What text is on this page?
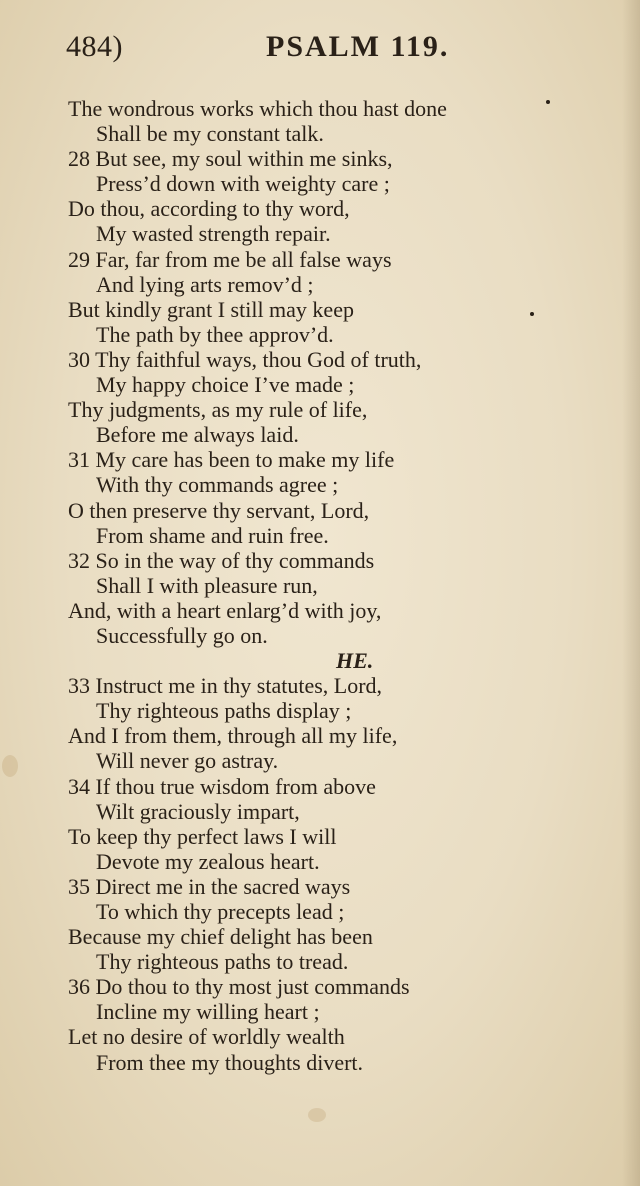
484)	PSALM 119.
The wondrous works which thou hast done
Shall be my constant talk.
28 But see, my soul within me sinks,
Press’d down with weighty care ;
Do thou, according to thy word,
My wasted strength repair.
29 Far, far from me be all false ways
And lying arts remov’d ;
But kindly grant I still may keep
The path by thee approv’d.
30 Thy faithful ways, thou God of truth,
My happy choice I’ve made ;
Thy judgments, as my rule of life,
Before me always laid.
31 My care has been to make my life
With thy commands agree ;
O then preserve thy servant, Lord,
From shame and ruin free.
32 So in the way of thy commands
Shall I with pleasure run,
And, with a heart enlarg’d with joy,
Successfully go on.
HE.
33 Instruct me in thy statutes, Lord,
Thy righteous paths display ;
And I from them, through all my life,
Will never go astray.
34 If thou true wisdom from above
Wilt graciously impart,
To keep thy perfect laws I will
Devote my zealous heart.
35 Direct me in the sacred ways
To which thy precepts lead ;
Because my chief delight has been
Thy righteous paths to tread.
36 Do thou to thy most just commands
Incline my willing heart ;
Let no desire of worldly wealth
From thee my thoughts divert.
